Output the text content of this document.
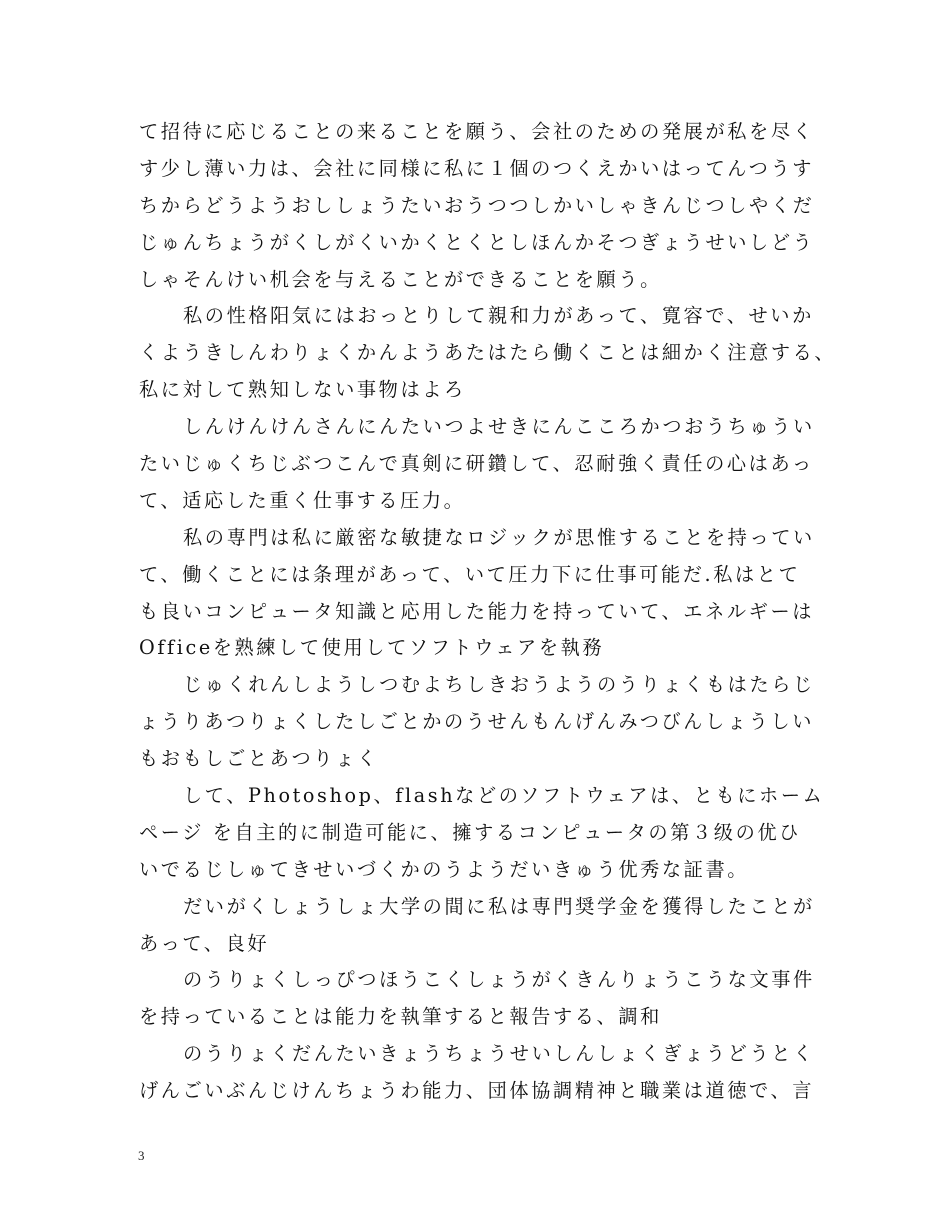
て招待に応じることの来ることを願う、会社のための発展が私を尽く
す少し薄い力は、会社に同様に私に１個のつくえかいはってんつうす
ちからどうようおししょうたいおうつつしかいしゃきんじつしやくだ
じゅんちょうがくしがくいかくとくとしほんかそつぎょうせいしどう
しゃそんけい机会を与えることができることを願う。
私の性格阳気にはおっとりして親和力があって、寛容で、せいか
くようきしんわりょくかんようあたはたら働くことは細かく注意する、
私に対して熟知しない事物はよろ
しんけんけんさんにんたいつよせきにんこころかつおうちゅうい
たいじゅくちじぶつこんで真剣に研鑽して、忍耐強く責任の心はあっ
て、适応した重く仕事する圧力。
私の専門は私に厳密な敏捷なロジックが思惟することを持ってい
て、働くことには条理があって、いて圧力下に仕事可能だ.私はとて
も良いコンピュータ知識と応用した能力を持っていて、エネルギーは
Officeを熟練して使用してソフトウェアを執務
じゅくれんしようしつむよちしきおうようのうりょくもはたらじ
ょうりあつりょくしたしごとかのうせんもんげんみつびんしょうしい
もおもしごとあつりょく
して、Photoshop、flashなどのソフトウェアは、ともにホーム
ページ を自主的に制造可能に、擁するコンピュータの第３级の优ひ
いでるじしゅてきせいづくかのうようだいきゅう优秀な証書。
だいがくしょうしょ大学の間に私は専門奨学金を獲得したことが
あって、良好
のうりょくしっぴつほうこくしょうがくきんりょうこうな文事件
を持っていることは能力を執筆すると報告する、調和
のうりょくだんたいきょうちょうせいしんしょくぎょうどうとく
げんごいぶんじけんちょうわ能力、団体協調精神と職業は道徳で、言
3
